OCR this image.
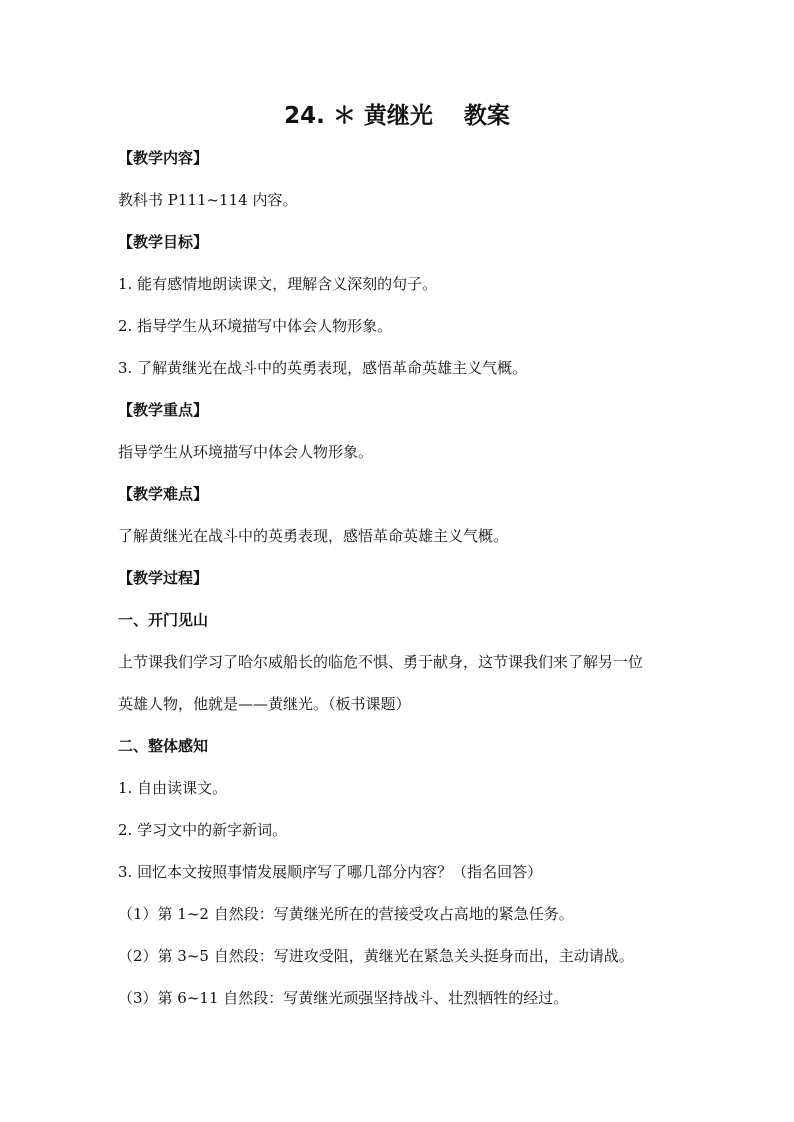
24. ＊ 黄继光　 教案

【教学内容】

教科书 P111~114 内容。

【教学目标】

1. 能有感情地朗读课文，理解含义深刻的句子。

2. 指导学生从环境描写中体会人物形象。

3. 了解黄继光在战斗中的英勇表现，感悟革命英雄主义气概。

【教学重点】

指导学生从环境描写中体会人物形象。

【教学难点】

了解黄继光在战斗中的英勇表现，感悟革命英雄主义气概。

【教学过程】

一、开门见山

上节课我们学习了哈尔威船长的临危不惧、勇于献身，这节课我们来了解另一位

英雄人物，他就是——黄继光。（板书课题）

二、整体感知

1. 自由读课文。

2. 学习文中的新字新词。

3. 回忆本文按照事情发展顺序写了哪几部分内容？（指名回答）

（1）第 1~2 自然段：写黄继光所在的营接受攻占高地的紧急任务。

（2）第 3~5 自然段：写进攻受阻，黄继光在紧急关头挺身而出，主动请战。

（3）第 6~11 自然段：写黄继光顽强坚持战斗、壮烈牺牲的经过。
